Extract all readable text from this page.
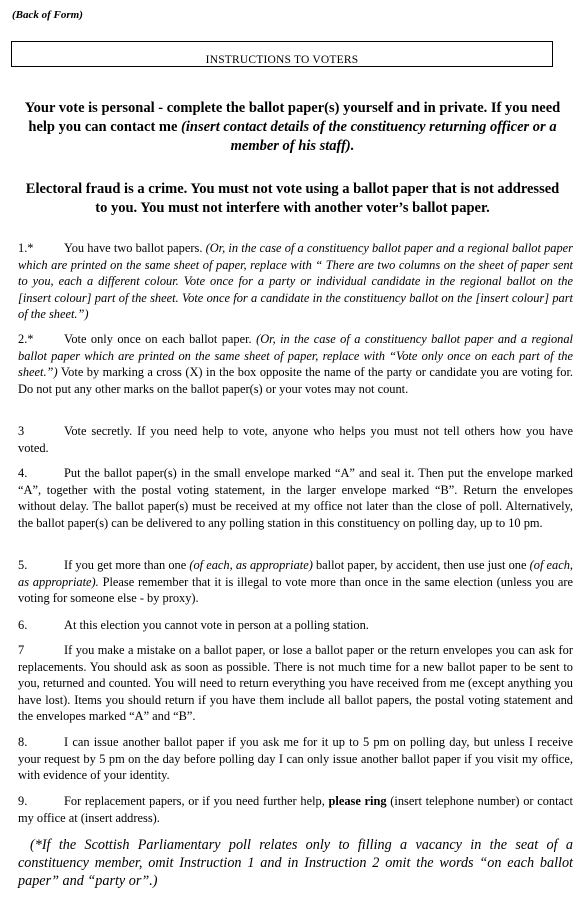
(Back of Form)
INSTRUCTIONS TO VOTERS
Your vote is personal - complete the ballot paper(s) yourself and in private. If you need help you can contact me (insert contact details of the constituency returning officer or a member of his staff).
Electoral fraud is a crime. You must not vote using a ballot paper that is not addressed to you. You must not interfere with another voter’s ballot paper.
1.* You have two ballot papers. (Or, in the case of a constituency ballot paper and a regional ballot paper which are printed on the same sheet of paper, replace with “ There are two columns on the sheet of paper sent to you, each a different colour. Vote once for a party or individual candidate in the regional ballot on the [insert colour] part of the sheet. Vote once for a candidate in the constituency ballot on the [insert colour] part of the sheet.”)
2.* Vote only once on each ballot paper. (Or, in the case of a constituency ballot paper and a regional ballot paper which are printed on the same sheet of paper, replace with “Vote only once on each part of the sheet.”) Vote by marking a cross (X) in the box opposite the name of the party or candidate you are voting for. Do not put any other marks on the ballot paper(s) or your votes may not count.
3	Vote secretly. If you need help to vote, anyone who helps you must not tell others how you have voted.
4.	Put the ballot paper(s) in the small envelope marked “A” and seal it. Then put the envelope marked “A”, together with the postal voting statement, in the larger envelope marked “B”. Return the envelopes without delay. The ballot paper(s) must be received at my office not later than the close of poll. Alternatively, the ballot paper(s) can be delivered to any polling station in this constituency on polling day, up to 10 pm.
5.	If you get more than one (of each, as appropriate) ballot paper, by accident, then use just one (of each, as appropriate). Please remember that it is illegal to vote more than once in the same election (unless you are voting for someone else - by proxy).
6.	At this election you cannot vote in person at a polling station.
7	If you make a mistake on a ballot paper, or lose a ballot paper or the return envelopes you can ask for replacements. You should ask as soon as possible. There is not much time for a new ballot paper to be sent to you, returned and counted. You will need to return everything you have received from me (except anything you have lost). Items you should return if you have them include all ballot papers, the postal voting statement and the envelopes marked “A” and “B”.
8.	I can issue another ballot paper if you ask me for it up to 5 pm on polling day, but unless I receive your request by 5 pm on the day before polling day I can only issue another ballot paper if you visit my office, with evidence of your identity.
9.	For replacement papers, or if you need further help, please ring (insert telephone number) or contact my office at (insert address).
(*If the Scottish Parliamentary poll relates only to filling a vacancy in the seat of a constituency member, omit Instruction 1 and in Instruction 2 omit the words “on each ballot paper” and “party or”.)
